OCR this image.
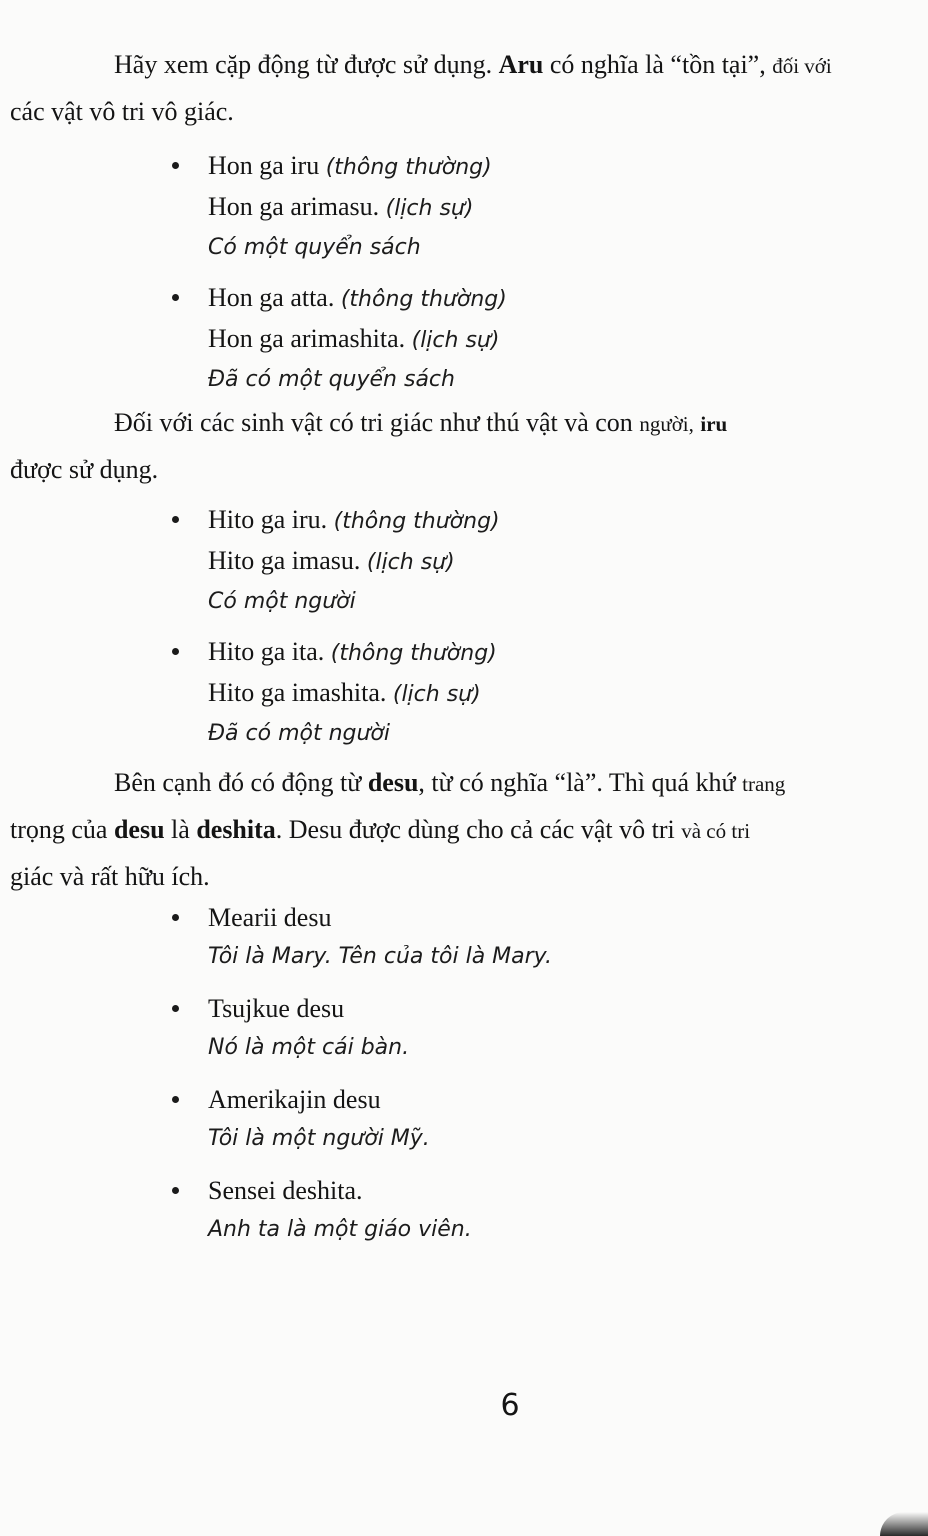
Hãy xem cặp động từ được sử dụng. Aru có nghĩa là “tồn tại”, đối với
các vật vô tri vô giác.

Hon ga iru (thông thường)
Hon ga arimasu. (lịch sự)
Có một quyển sách
Hon ga atta. (thông thường)
Hon ga arimashita. (lịch sự)
Đã có một quyển sách

Đối với các sinh vật có tri giác như thú vật và con người, iru
được sử dụng.

Hito ga iru. (thông thường)
Hito ga imasu. (lịch sự)
Có một người
Hito ga ita. (thông thường)
Hito ga imashita. (lịch sự)
Đã có một người

Bên cạnh đó có động từ desu, từ có nghĩa “là”. Thì quá khứ trang
trọng của desu là deshita. Desu được dùng cho cả các vật vô tri và có tri
giác và rất hữu ích.

Mearii desu
Tôi là Mary. Tên của tôi là Mary.
Tsujkue desu
Nó là một cái bàn.
Amerikajin desu
Tôi là một người Mỹ.
Sensei deshita.
Anh ta là một giáo viên.
6
